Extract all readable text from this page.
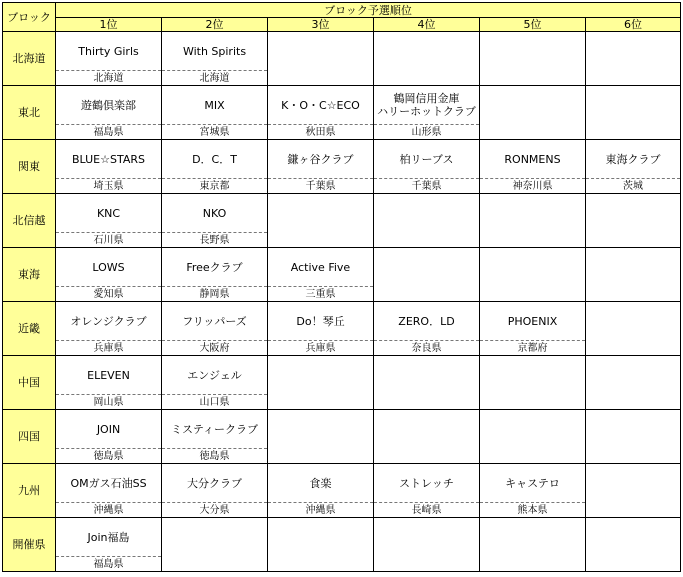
ブロック	ブロック予選順位					
	1位	2位	3位	4位	5位	6位
北海道	Thirty Girls	With Spirits				
	北海道	北海道				
東北	遊鶴倶楽部	MIX	K・O・C☆ECO	鶴岡信用金庫
ハリーホットクラブ		
	福島県	宮城県	秋田県	山形県		
関東	BLUE☆STARS	D．C．T	鎌ヶ谷クラブ	柏リーブス	RONMENS	東海クラブ
	埼玉県	東京都	千葉県	千葉県	神奈川県	茨城
北信越	KNC	NKO				
	石川県	長野県				
東海	LOWS	Freeクラブ	Active Five			
	愛知県	静岡県	三重県			
近畿	オレンジクラブ	フリッパーズ	Do！琴丘	ZERO．LD	PHOENIX	
	兵庫県	大阪府	兵庫県	奈良県	京都府	
中国	ELEVEN	エンジェル				
	岡山県	山口県				
四国	JOIN	ミスティークラブ				
	徳島県	徳島県				
九州	OMガス石油SS	大分クラブ	食楽	ストレッチ	キャステロ	
	沖縄県	大分県	沖縄県	長崎県	熊本県	
開催県	Join福島					
	福島県					
